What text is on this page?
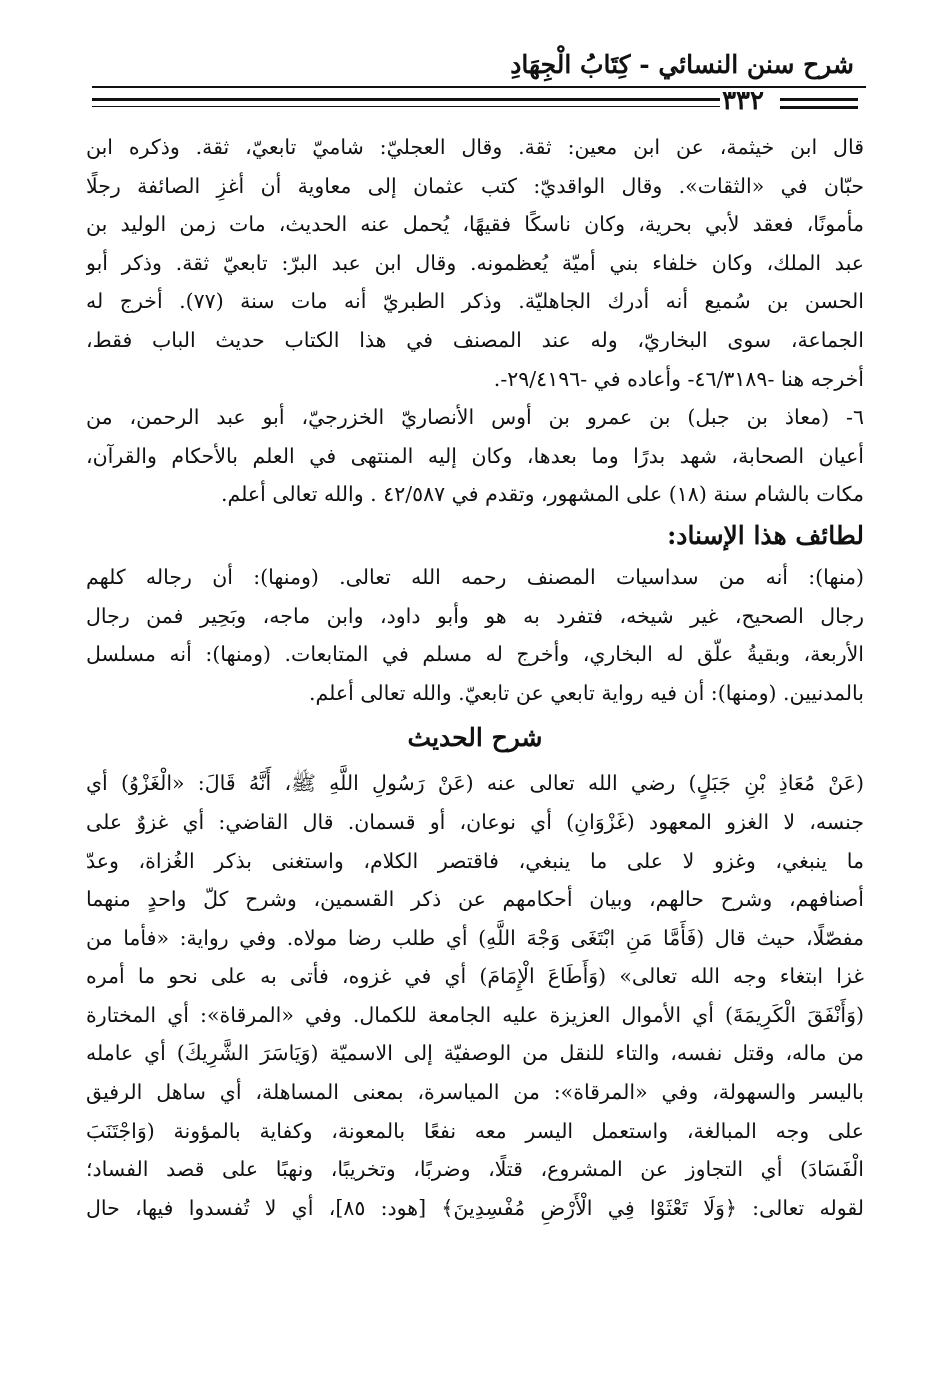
شرح سنن النسائي - كِتَابُ الْجِهَادِ
٣٣٢
قال ابن خيثمة، عن ابن معين: ثقة. وقال العجليّ: شاميّ تابعيّ، ثقة. وذكره ابن
حبّان في «الثقات». وقال الواقديّ: كتب عثمان إلى معاوية أن أغزِ الصائفة رجلًا
مأمونًا، فعقد لأبي بحرية، وكان ناسكًا فقيهًا، يُحمل عنه الحديث، مات زمن الوليد بن
عبد الملك، وكان خلفاء بني أميّة يُعظمونه. وقال ابن عبد البرّ: تابعيّ ثقة. وذكر أبو
الحسن بن سُميع أنه أدرك الجاهليّة. وذكر الطبريّ أنه مات سنة (٧٧). أخرج له
الجماعة، سوى البخاريّ، وله عند المصنف في هذا الكتاب حديث الباب فقط،
أخرجه هنا -٤٦/٣١٨٩- وأعاده في -٢٩/٤١٩٦-.
٦- (معاذ بن جبل) بن عمرو بن أوس الأنصاريّ الخزرجيّ، أبو عبد الرحمن، من
أعيان الصحابة، شهد بدرًا وما بعدها، وكان إليه المنتهى في العلم بالأحكام والقرآن،
مكات بالشام سنة (١٨) على المشهور، وتقدم في ٤٢/٥٨٧ . والله تعالى أعلم.
لطائف هذا الإسناد:
(منها): أنه من سداسيات المصنف رحمه الله تعالى. (ومنها): أن رجاله كلهم
رجال الصحيح، غير شيخه، فتفرد به هو وأبو داود، وابن ماجه، وبَحِير فمن رجال
الأربعة، وبقيةُ علّق له البخاري، وأخرج له مسلم في المتابعات. (ومنها): أنه مسلسل
بالمدنيين. (ومنها): أن فيه رواية تابعي عن تابعيّ. والله تعالى أعلم.
شرح الحديث
(عَنْ مُعَاذِ بْنِ جَبَلٍ) رضي الله تعالى عنه (عَنْ رَسُولِ اللَّهِ ﷺ، أَنَّهُ قَالَ: «الْغَزْوُ) أي
جنسه، لا الغزو المعهود (غَزْوَانِ) أي نوعان، أو قسمان. قال القاضي: أي غزوٌ على
ما ينبغي، وغزو لا على ما ينبغي، فاقتصر الكلام، واستغنى بذكر الغُزاة، وعدّ
أصنافهم، وشرح حالهم، وبيان أحكامهم عن ذكر القسمين، وشرح كلّ واحدٍ منهما
مفصّلًا، حيث قال (فَأَمَّا مَنِ ابْتَغَى وَجْهَ اللَّهِ) أي طلب رضا مولاه. وفي رواية: «فأما من
غزا ابتغاء وجه الله تعالى» (وَأَطَاعَ الْإِمَامَ) أي في غزوه، فأتى به على نحو ما أمره
(وَأَنْفَقَ الْكَرِيمَةَ) أي الأموال العزيزة عليه الجامعة للكمال. وفي «المرقاة»: أي المختارة
من ماله، وقتل نفسه، والتاء للنقل من الوصفيّة إلى الاسميّة (وَيَاسَرَ الشَّرِيكَ) أي عامله
باليسر والسهولة، وفي «المرقاة»: من المياسرة، بمعنى المساهلة، أي ساهل الرفيق
على وجه المبالغة، واستعمل اليسر معه نفعًا بالمعونة، وكفاية بالمؤونة (وَاجْتَنَبَ
الْفَسَادَ) أي التجاوز عن المشروع، قتلًا، وضربًا، وتخريبًا، ونهبًا على قصد الفساد؛
لقوله تعالى: ﴿وَلَا تَعْثَوْا فِي الْأَرْضِ مُفْسِدِينَ﴾ [هود: ٨٥]، أي لا تُفسدوا فيها، حال
